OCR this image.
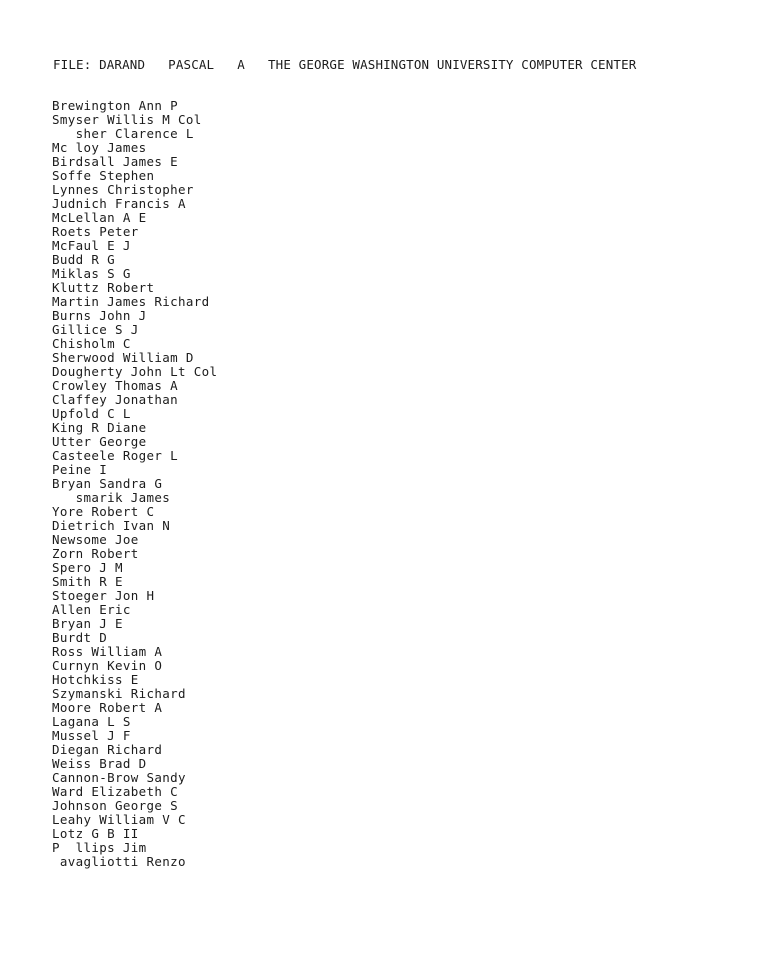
FILE: DARAND PASCAL A THE GEORGE WASHINGTON UNIVERSITY COMPUTER CENTER
Brewington Ann P
Smyser Willis M Col
sher Clarence L
Mc loy James
Birdsall James E
Soffe Stephen
Lynnes Christopher
Judnich Francis A
McLellan A E
Roets Peter
McFaul E J
Budd R G
Miklas S G
Kluttz Robert
Martin James Richard
Burns John J
Gillice S J
Chisholm C
Sherwood William D
Dougherty John Lt Col
Crowley Thomas A
Claffey Jonathan
Upfold C L
King R Diane
Utter George
Casteele Roger L
Peine I
Bryan Sandra G
smarik James
Yore Robert C
Dietrich Ivan N
Newsome Joe
Zorn Robert
Spero J M
Smith R E
Stoeger Jon H
Allen Eric
Bryan J E
Burdt D
Ross William A
Curnyn Kevin O
Hotchkiss E
Szymanski Richard
Moore Robert A
Lagana L S
Mussel J F
Diegan Richard
Weiss Brad D
Cannon-Brow Sandy
Ward Elizabeth C
Johnson George S
Leahy William V C
Lotz G B II
P  llips Jim
avagliotti Renzo
